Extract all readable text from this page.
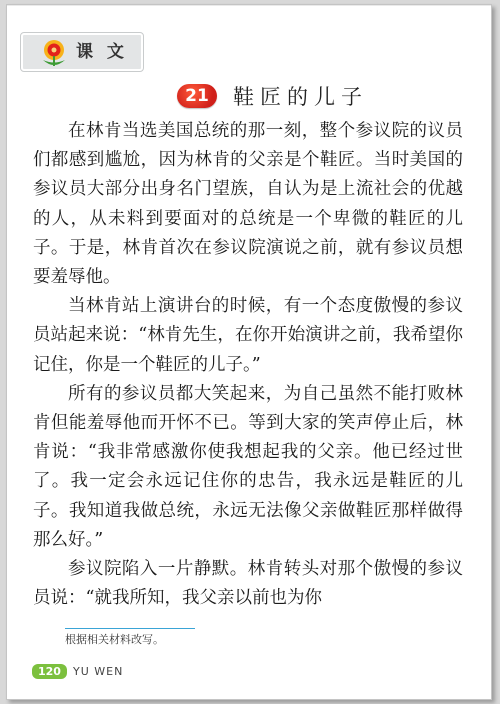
课 文
21	鞋匠的儿子

在林肯当选美国总统的那一刻，整个参议院的议员们都感到尴尬，因为林肯的父亲是个鞋匠。当时美国的参议员大部分出身名门望族，自认为是上流社会的优越的人，从未料到要面对的总统是一个卑微的鞋匠的儿子。于是，林肯首次在参议院演说之前，就有参议员想要羞辱他。

当林肯站上演讲台的时候，有一个态度傲慢的参议员站起来说：“林肯先生，在你开始演讲之前，我希望你记住，你是一个鞋匠的儿子。”

所有的参议员都大笑起来，为自己虽然不能打败林肯但能羞辱他而开怀不已。等到大家的笑声停止后，林肯说：“我非常感激你使我想起我的父亲。他已经过世了。我一定会永远记住你的忠告，我永远是鞋匠的儿子。我知道我做总统，永远无法像父亲做鞋匠那样做得那么好。”

参议院陷入一片静默。林肯转头对那个傲慢的参议员说：“就我所知，我父亲以前也为你

根据相关材料改写。
120	YU WEN
